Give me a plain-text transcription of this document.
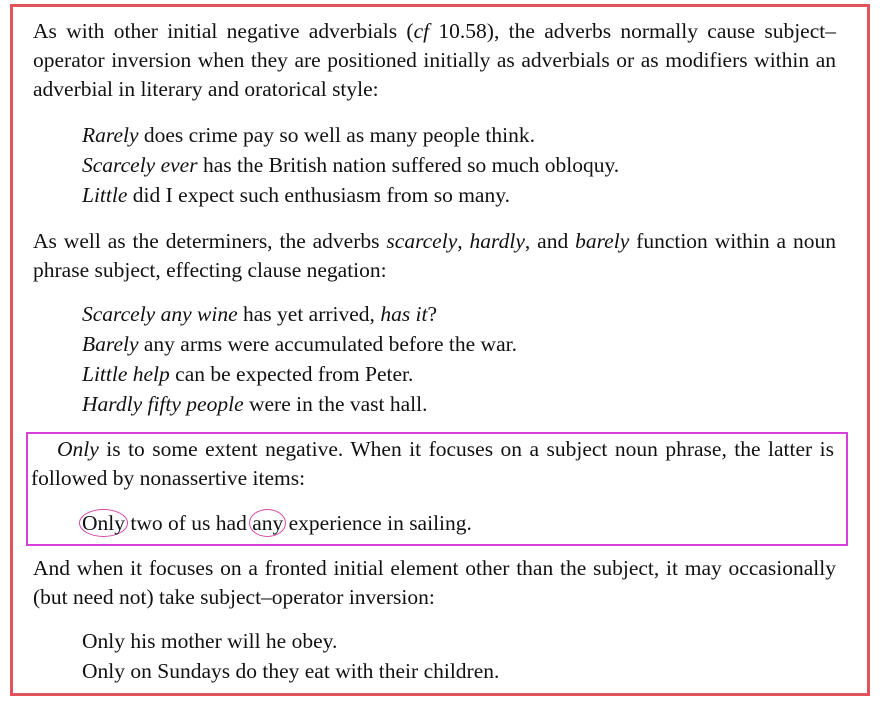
As with other initial negative adverbials (cf 10.58), the adverbs normally cause subject–operator inversion when they are positioned initially as adverbials or as modifiers within an adverbial in literary and oratorical style:

Rarely does crime pay so well as many people think.
Scarcely ever has the British nation suffered so much obloquy.
Little did I expect such enthusiasm from so many.

As well as the determiners, the adverbs scarcely, hardly, and barely function within a noun phrase subject, effecting clause negation:

Scarcely any wine has yet arrived, has it?
Barely any arms were accumulated before the war.
Little help can be expected from Peter.
Hardly fifty people were in the vast hall.

Only is to some extent negative. When it focuses on a subject noun phrase, the latter is followed by nonassertive items:

Only two of us had any experience in sailing.

And when it focuses on a fronted initial element other than the subject, it may occasionally (but need not) take subject–operator inversion:

Only his mother will he obey.
Only on Sundays do they eat with their children.
